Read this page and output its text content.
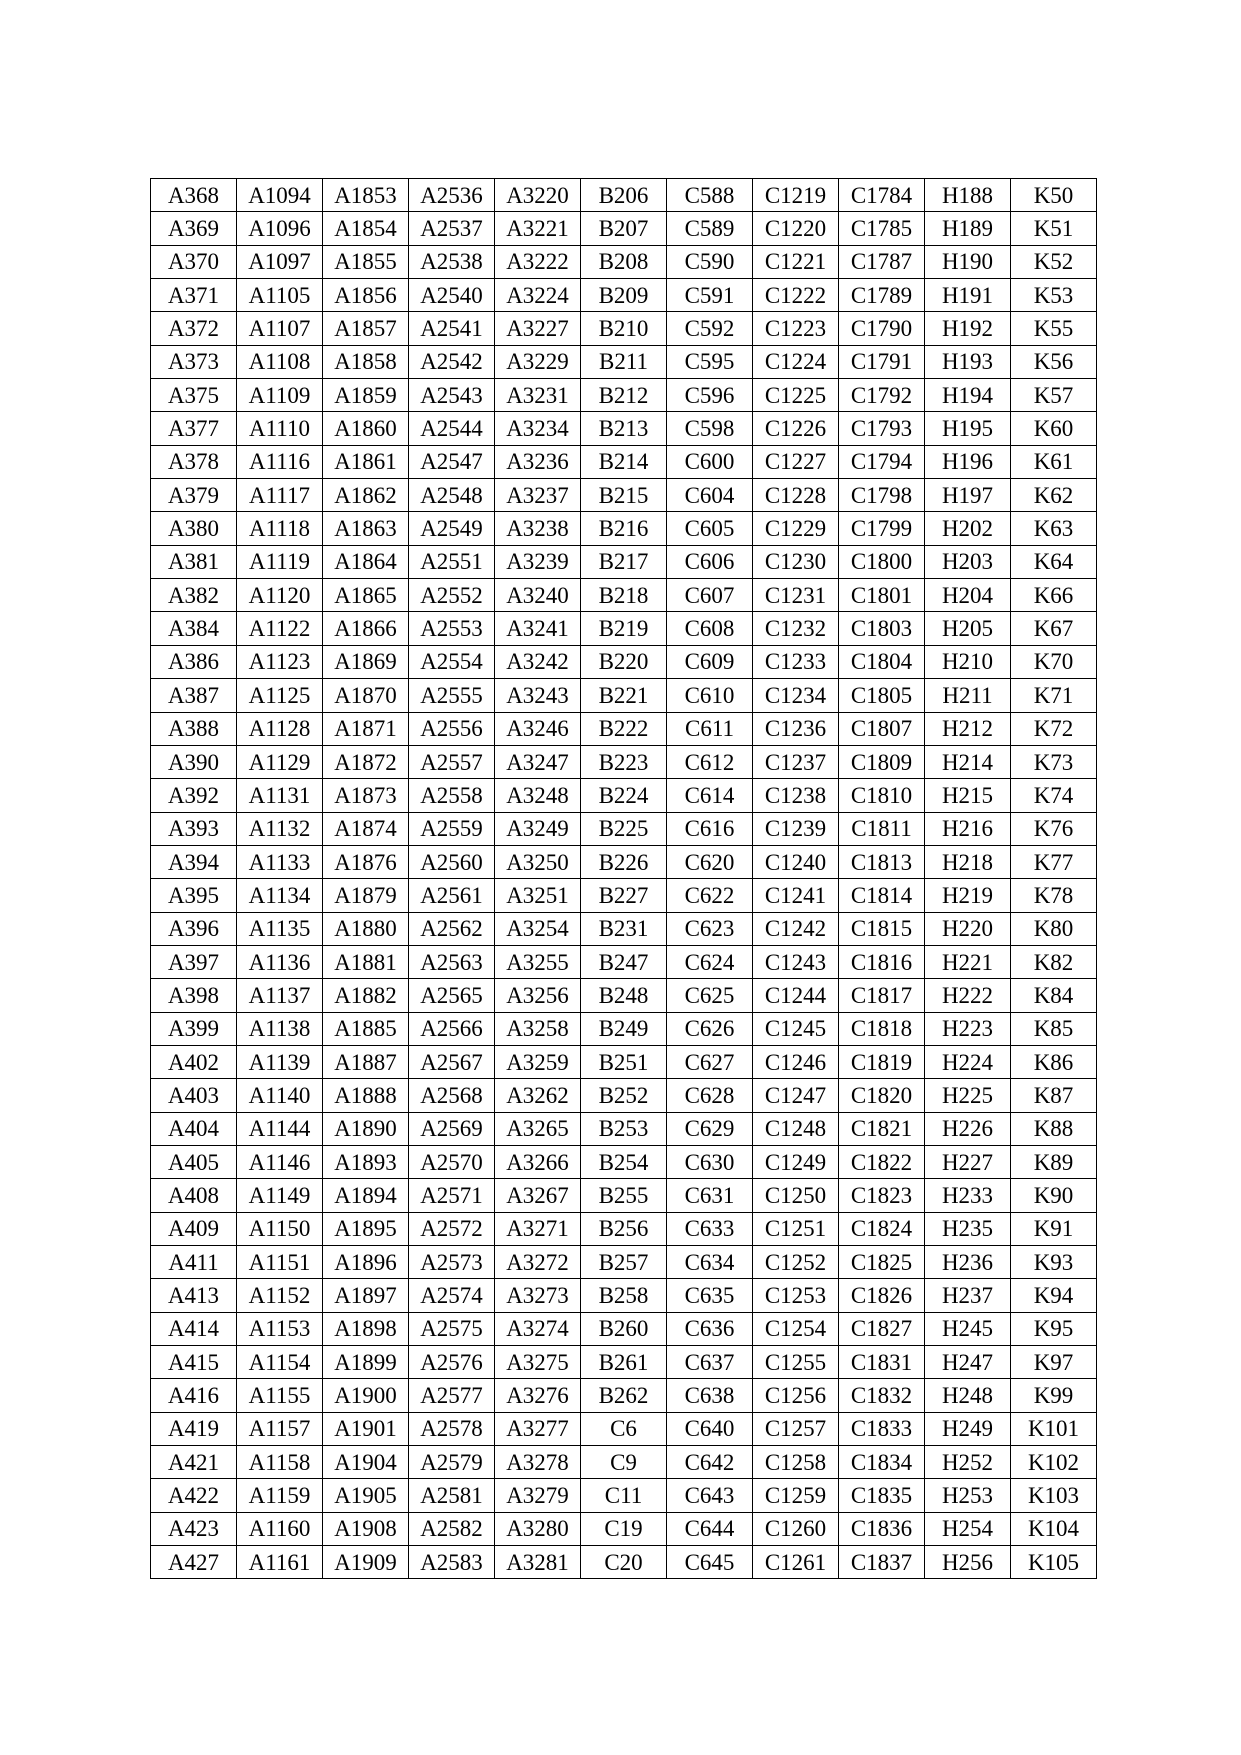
A368	A1094	A1853	A2536	A3220	B206	C588	C1219	C1784	H188	K50
A369	A1096	A1854	A2537	A3221	B207	C589	C1220	C1785	H189	K51
A370	A1097	A1855	A2538	A3222	B208	C590	C1221	C1787	H190	K52
A371	A1105	A1856	A2540	A3224	B209	C591	C1222	C1789	H191	K53
A372	A1107	A1857	A2541	A3227	B210	C592	C1223	C1790	H192	K55
A373	A1108	A1858	A2542	A3229	B211	C595	C1224	C1791	H193	K56
A375	A1109	A1859	A2543	A3231	B212	C596	C1225	C1792	H194	K57
A377	A1110	A1860	A2544	A3234	B213	C598	C1226	C1793	H195	K60
A378	A1116	A1861	A2547	A3236	B214	C600	C1227	C1794	H196	K61
A379	A1117	A1862	A2548	A3237	B215	C604	C1228	C1798	H197	K62
A380	A1118	A1863	A2549	A3238	B216	C605	C1229	C1799	H202	K63
A381	A1119	A1864	A2551	A3239	B217	C606	C1230	C1800	H203	K64
A382	A1120	A1865	A2552	A3240	B218	C607	C1231	C1801	H204	K66
A384	A1122	A1866	A2553	A3241	B219	C608	C1232	C1803	H205	K67
A386	A1123	A1869	A2554	A3242	B220	C609	C1233	C1804	H210	K70
A387	A1125	A1870	A2555	A3243	B221	C610	C1234	C1805	H211	K71
A388	A1128	A1871	A2556	A3246	B222	C611	C1236	C1807	H212	K72
A390	A1129	A1872	A2557	A3247	B223	C612	C1237	C1809	H214	K73
A392	A1131	A1873	A2558	A3248	B224	C614	C1238	C1810	H215	K74
A393	A1132	A1874	A2559	A3249	B225	C616	C1239	C1811	H216	K76
A394	A1133	A1876	A2560	A3250	B226	C620	C1240	C1813	H218	K77
A395	A1134	A1879	A2561	A3251	B227	C622	C1241	C1814	H219	K78
A396	A1135	A1880	A2562	A3254	B231	C623	C1242	C1815	H220	K80
A397	A1136	A1881	A2563	A3255	B247	C624	C1243	C1816	H221	K82
A398	A1137	A1882	A2565	A3256	B248	C625	C1244	C1817	H222	K84
A399	A1138	A1885	A2566	A3258	B249	C626	C1245	C1818	H223	K85
A402	A1139	A1887	A2567	A3259	B251	C627	C1246	C1819	H224	K86
A403	A1140	A1888	A2568	A3262	B252	C628	C1247	C1820	H225	K87
A404	A1144	A1890	A2569	A3265	B253	C629	C1248	C1821	H226	K88
A405	A1146	A1893	A2570	A3266	B254	C630	C1249	C1822	H227	K89
A408	A1149	A1894	A2571	A3267	B255	C631	C1250	C1823	H233	K90
A409	A1150	A1895	A2572	A3271	B256	C633	C1251	C1824	H235	K91
A411	A1151	A1896	A2573	A3272	B257	C634	C1252	C1825	H236	K93
A413	A1152	A1897	A2574	A3273	B258	C635	C1253	C1826	H237	K94
A414	A1153	A1898	A2575	A3274	B260	C636	C1254	C1827	H245	K95
A415	A1154	A1899	A2576	A3275	B261	C637	C1255	C1831	H247	K97
A416	A1155	A1900	A2577	A3276	B262	C638	C1256	C1832	H248	K99
A419	A1157	A1901	A2578	A3277	C6	C640	C1257	C1833	H249	K101
A421	A1158	A1904	A2579	A3278	C9	C642	C1258	C1834	H252	K102
A422	A1159	A1905	A2581	A3279	C11	C643	C1259	C1835	H253	K103
A423	A1160	A1908	A2582	A3280	C19	C644	C1260	C1836	H254	K104
A427	A1161	A1909	A2583	A3281	C20	C645	C1261	C1837	H256	K105
